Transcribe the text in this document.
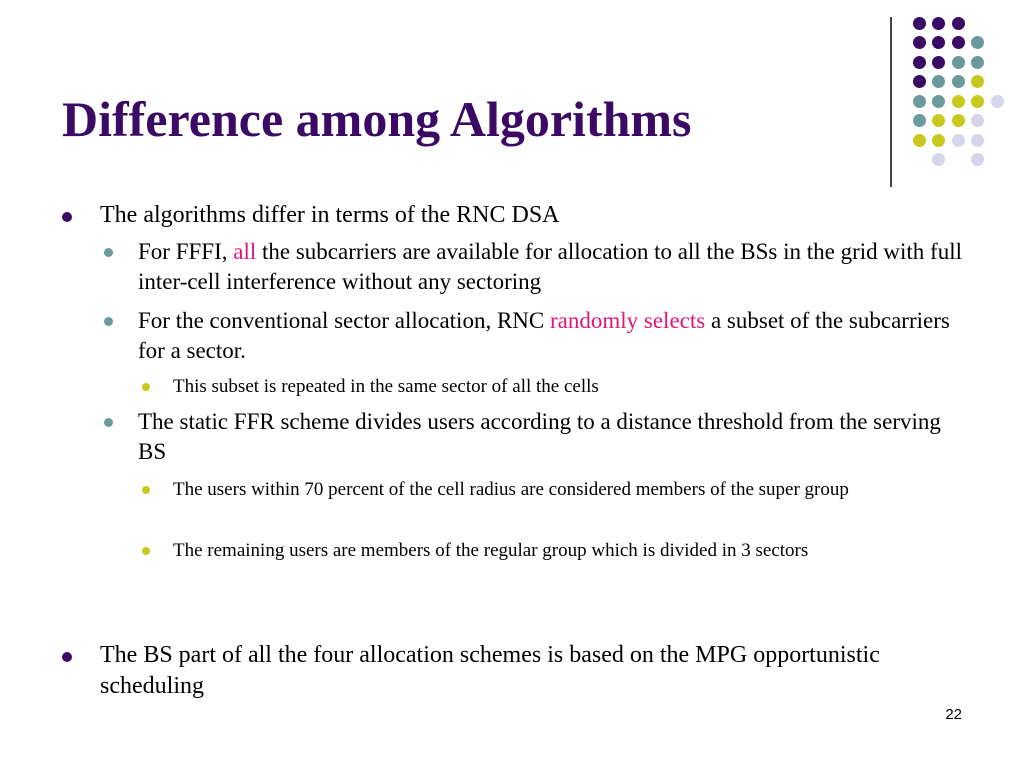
Difference among Algorithms

The algorithms differ in terms of the RNC DSA

For FFFI, all the subcarriers are available for allocation to all the BSs in the grid with full inter-cell interference without any sectoring

For the conventional sector allocation, RNC randomly selects a subset of the subcarriers for a sector.

This subset is repeated in the same sector of all the cells

The static FFR scheme divides users according to a distance threshold from the serving BS

The users within 70 percent of the cell radius are considered members of the super group

The remaining users are members of the regular group which is divided in 3 sectors

The BS part of all the four allocation schemes is based on the MPG opportunistic scheduling

22
